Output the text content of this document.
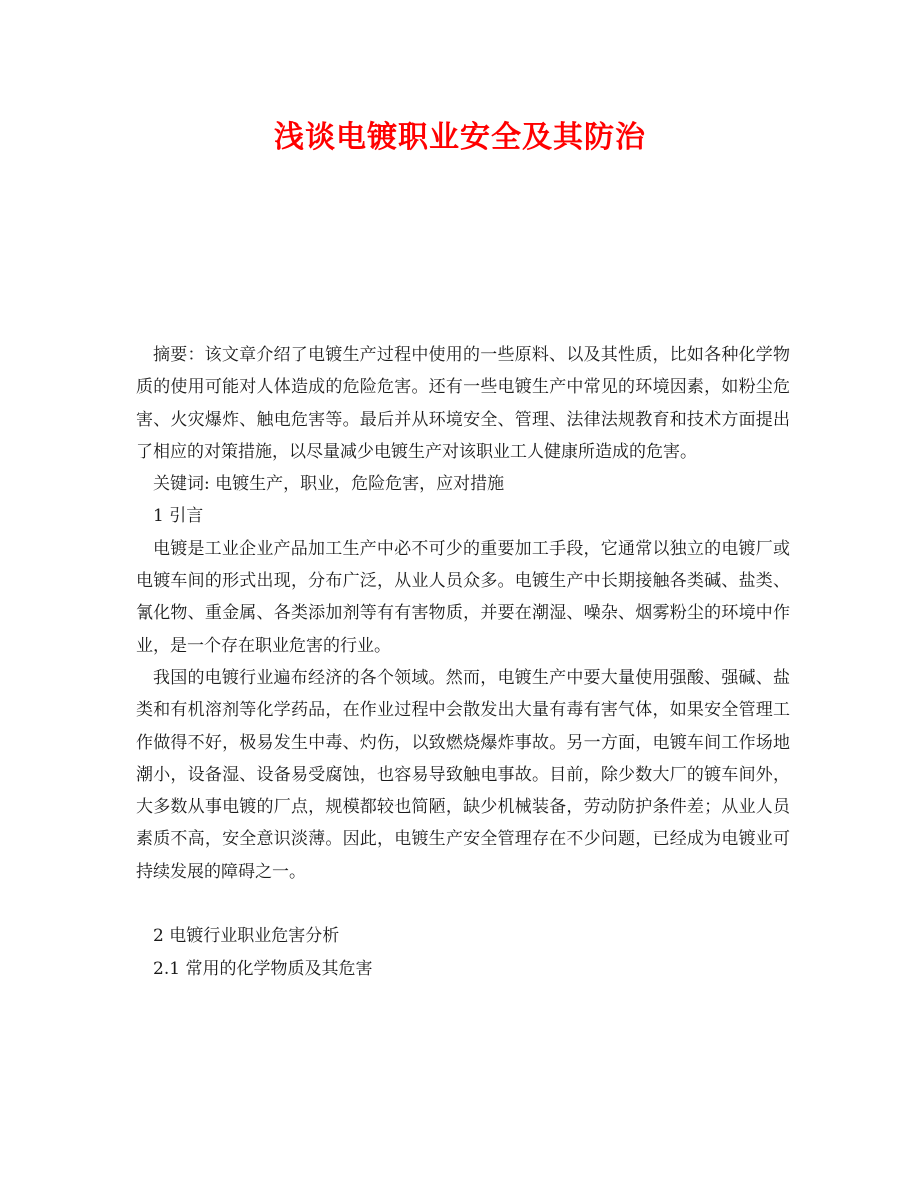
浅谈电镀职业安全及其防治

摘要：该文章介绍了电镀生产过程中使用的一些原料、以及其性质，比如各种化学物质的使用可能对人体造成的危险危害。还有一些电镀生产中常见的环境因素，如粉尘危害、火灾爆炸、触电危害等。最后并从环境安全、管理、法律法规教育和技术方面提出了相应的对策措施，以尽量减少电镀生产对该职业工人健康所造成的危害。

关键词: 电镀生产，职业，危险危害，应对措施

1 引言

电镀是工业企业产品加工生产中必不可少的重要加工手段，它通常以独立的电镀厂或电镀车间的形式出现，分布广泛，从业人员众多。电镀生产中长期接触各类碱、盐类、氰化物、重金属、各类添加剂等有有害物质，并要在潮湿、噪杂、烟雾粉尘的环境中作业，是一个存在职业危害的行业。

我国的电镀行业遍布经济的各个领域。然而，电镀生产中要大量使用强酸、强碱、盐类和有机溶剂等化学药品，在作业过程中会散发出大量有毒有害气体，如果安全管理工作做得不好，极易发生中毒、灼伤，以致燃烧爆炸事故。另一方面，电镀车间工作场地潮小，设备湿、设备易受腐蚀，也容易导致触电事故。目前，除少数大厂的镀车间外，大多数从事电镀的厂点，规模都较也简陋，缺少机械装备，劳动防护条件差；从业人员素质不高，安全意识淡薄。因此，电镀生产安全管理存在不少问题，已经成为电镀业可持续发展的障碍之一。

2 电镀行业职业危害分析

2.1 常用的化学物质及其危害
